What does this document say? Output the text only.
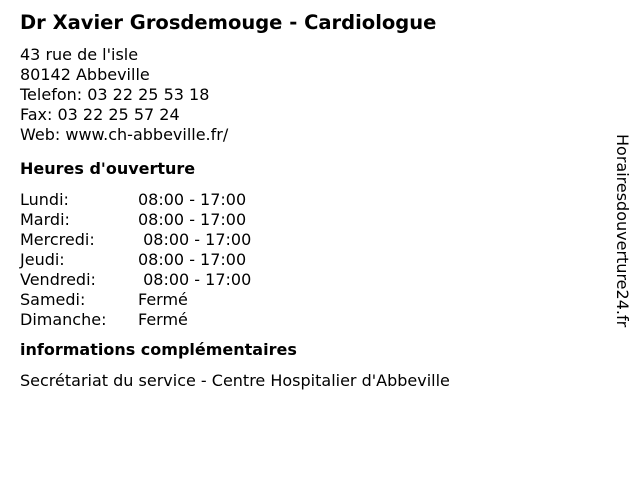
Dr Xavier Grosdemouge - Cardiologue
43 rue de l'isle
80142 Abbeville
Telefon: 03 22 25 53 18
Fax: 03 22 25 57 24
Web: www.ch-abbeville.fr/
Heures d'ouverture
Lundi:	08:00 - 17:00
Mardi:	08:00 - 17:00
Mercredi:	08:00 - 17:00
Jeudi:	08:00 - 17:00
Vendredi:	08:00 - 17:00
Samedi:	Fermé
Dimanche:	Fermé
informations complémentaires
Secrétariat du service - Centre Hospitalier d'Abbeville
Horairesdouverture24.fr
